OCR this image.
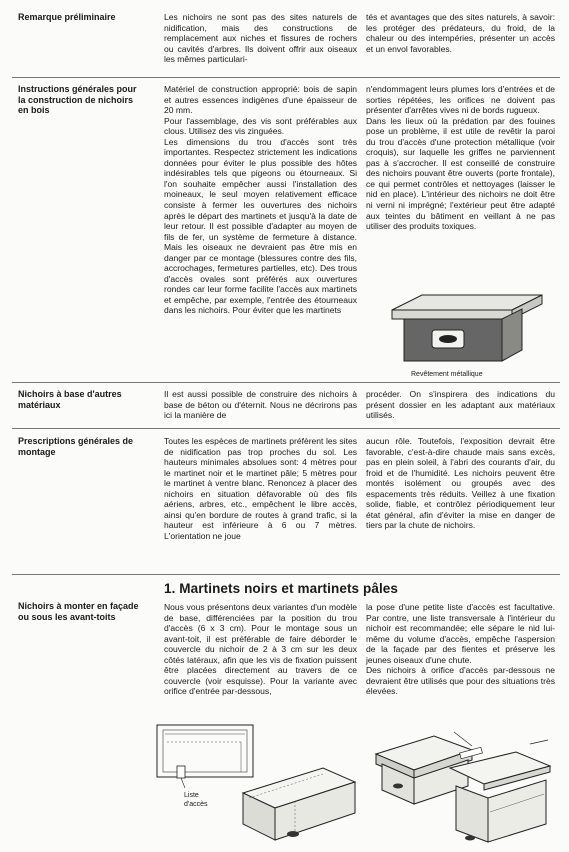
Remarque préliminaire	Les nichoirs ne sont pas des sites naturels de nidification, mais des constructions de remplacement aux niches et fissures de rochers ou cavités d'arbres. Ils doivent offrir aux oiseaux les mêmes particulari-
tés et avantages que des sites naturels, à savoir: les protéger des prédateurs, du froid, de la chaleur ou des intempéries, présenter un accès et un envol favorables.
Instructions générales pour la construction de nichoirs en bois
Matériel de construction approprié: bois de sapin et autres essences indigènes d'une épaisseur de 20 mm.
Pour l'assemblage, des vis sont préférables aux clous. Utilisez des vis zinguées.
Les dimensions du trou d'accès sont très importantes. Respectez strictement les indications données pour éviter le plus possible des hôtes indésirables tels que pigeons ou étourneaux. Si l'on souhaite empêcher aussi l'installation des moineaux, le seul moyen relativement efficace consiste à fermer les ouvertures des nichoirs après le départ des martinets et jusqu'à la date de leur retour. Il est possible d'adapter au moyen de fils de fer, un système de fermeture à distance. Mais les oiseaux ne devraient pas être mis en danger par ce montage (blessures contre des fils, accrochages, fermetures partielles, etc). Des trous d'accès ovales sont préférés aux ouvertures rondes car leur forme facilite l'accès aux martinets et empêche, par exemple, l'entrée des étourneaux dans les nichoirs. Pour éviter que les martinets
n'endommagent leurs plumes lors d'entrées et de sorties répétées, les orifices ne doivent pas présenter d'arrêtes vives ni de bords rugueux.
Dans les lieux où la prédation par des fouines pose un problème, il est utile de revêtir la paroi du trou d'accès d'une protection métallique (voir croquis), sur laquelle les griffes ne parviennent pas à s'accrocher. Il est conseillé de construire des nichoirs pouvant être ouverts (porte frontale), ce qui permet contrôles et nettoyages (laisser le nid en place). L'intérieur des nichoirs ne doit être ni verni ni imprégné; l'extérieur peut être adapté aux teintes du bâtiment en veillant à ne pas utiliser des produits toxiques.
Revêtement métallique
Nichoirs à base d'autres matériaux
Il est aussi possible de construire des nichoirs à base de béton ou d'éternit. Nous ne décrirons pas ici la manière de
procéder. On s'inspirera des indications du présent dossier en les adaptant aux matériaux utilisés.
Prescriptions générales de montage
Toutes les espèces de martinets préfèrent les sites de nidification pas trop proches du sol. Les hauteurs minimales absolues sont: 4 mètres pour le martinet noir et le martinet pâle; 5 mètres pour le martinet à ventre blanc. Renoncez à placer des nichoirs en situation défavorable où des fils aériens, arbres, etc., empêchent le libre accès, ainsi qu'en bordure de routes à grand trafic, si la hauteur est inférieure à 6 ou 7 mètres. L'orientation ne joue
aucun rôle. Toutefois, l'exposition devrait être favorable, c'est-à-dire chaude mais sans excès, pas en plein soleil, à l'abri des courants d'air, du froid et de l'humidité. Les nichoirs peuvent être montés isolément ou groupés avec des espacements très réduits. Veillez à une fixation solide, fiable, et contrôlez périodiquement leur état général, afin d'éviter la mise en danger de tiers par la chute de nichoirs.
1. Martinets noirs et martinets pâles
Nichoirs à monter en façade ou sous les avant-toits
Nous vous présentons deux variantes d'un modèle de base, différenciées par la position du trou d'accès (6 x 3 cm). Pour le montage sous un avant-toit, il est préférable de faire déborder le couvercle du nichoir de 2 à 3 cm sur les deux côtés latéraux, afin que les vis de fixation puissent être placées directement au travers de ce couvercle (voir esquisse). Pour la variante avec orifice d'entrée par-dessous,
la pose d'une petite liste d'accès est facultative. Par contre, une liste transversale à l'intérieur du nichoir est recommandée; elle sépare le nid lui-même du volume d'accès, empêche l'aspersion de la façade par des fientes et préserve les jeunes oiseaux d'une chute.
Des nichoirs à orifice d'accès par-dessous ne devraient être utilisés que pour des situations très élevées.
Liste d'accès
